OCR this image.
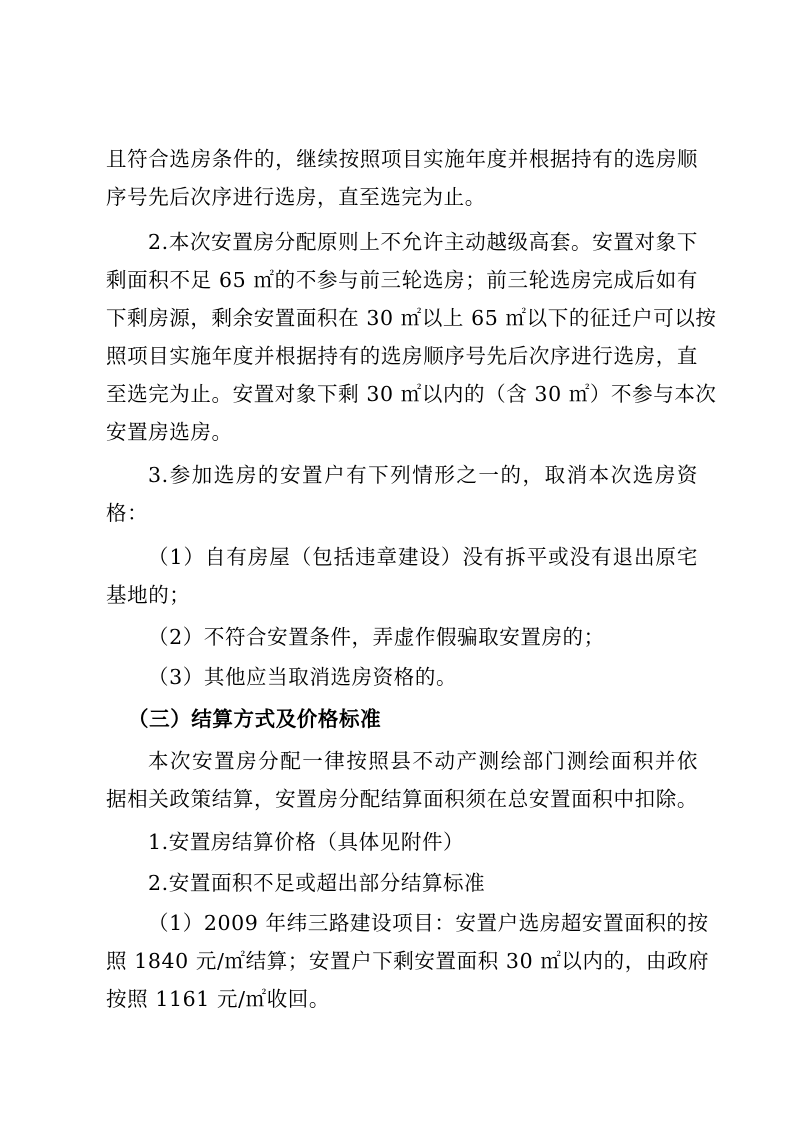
且符合选房条件的，继续按照项目实施年度并根据持有的选房顺
序号先后次序进行选房，直至选完为止。
2.本次安置房分配原则上不允许主动越级高套。安置对象下
剩面积不足 65 ㎡的不参与前三轮选房；前三轮选房完成后如有
下剩房源，剩余安置面积在 30 ㎡以上 65 ㎡以下的征迁户可以按
照项目实施年度并根据持有的选房顺序号先后次序进行选房，直
至选完为止。安置对象下剩 30 ㎡以内的（含 30 ㎡）不参与本次
安置房选房。
3.参加选房的安置户有下列情形之一的，取消本次选房资
格：
（1）自有房屋（包括违章建设）没有拆平或没有退出原宅
基地的；
（2）不符合安置条件，弄虚作假骗取安置房的；
（3）其他应当取消选房资格的。
（三）结算方式及价格标准
本次安置房分配一律按照县不动产测绘部门测绘面积并依
据相关政策结算，安置房分配结算面积须在总安置面积中扣除。
1.安置房结算价格（具体见附件）
2.安置面积不足或超出部分结算标准
（1）2009 年纬三路建设项目：安置户选房超安置面积的按
照 1840 元/㎡结算；安置户下剩安置面积 30 ㎡以内的，由政府
按照 1161 元/㎡收回。
